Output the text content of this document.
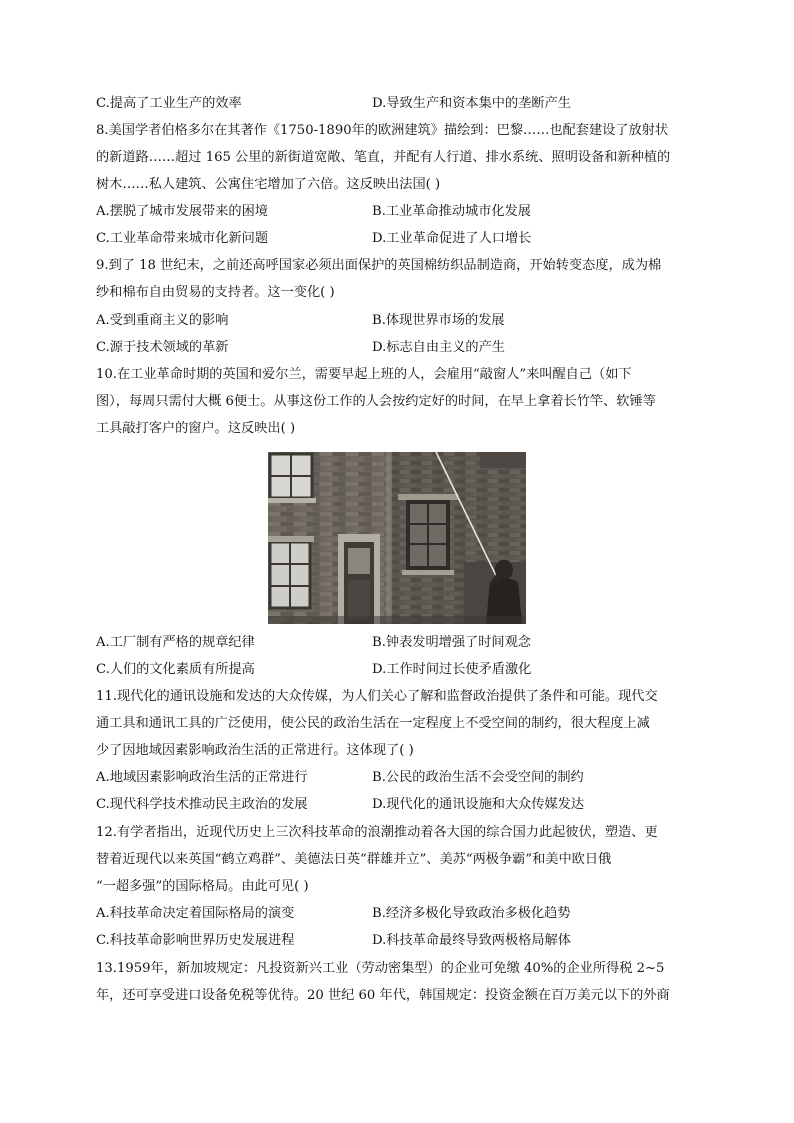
C.提高了工业生产的效率	D.导致生产和资本集中的垄断产生
8.美国学者伯格多尔在其著作《1750-1890年的欧洲建筑》描绘到：巴黎……也配套建设了放射状
的新道路……超过 165 公里的新街道宽敞、笔直，并配有人行道、排水系统、照明设备和新种植的
树木……私人建筑、公寓住宅增加了六倍。这反映出法国( )
A.摆脱了城市发展带来的困境	B.工业革命推动城市化发展
C.工业革命带来城市化新问题	D.工业革命促进了人口增长
9.到了 18 世纪末，之前还高呼国家必须出面保护的英国棉纺织品制造商，开始转变态度，成为棉
纱和棉布自由贸易的支持者。这一变化( )
A.受到重商主义的影响	B.体现世界市场的发展
C.源于技术领域的革新	D.标志自由主义的产生
10.在工业革命时期的英国和爱尔兰，需要早起上班的人，会雇用“敲窗人”来叫醒自己（如下
图），每周只需付大概 6便士。从事这份工作的人会按约定好的时间，在早上拿着长竹竿、软锤等
工具敲打客户的窗户。这反映出( )
A.工厂制有严格的规章纪律	B.钟表发明增强了时间观念
C.人们的文化素质有所提高	D.工作时间过长使矛盾激化
11.现代化的通讯设施和发达的大众传媒，为人们关心了解和监督政治提供了条件和可能。现代交
通工具和通讯工具的广泛使用，使公民的政治生活在一定程度上不受空间的制约，很大程度上减
少了因地域因素影响政治生活的正常进行。这体现了( )
A.地域因素影响政治生活的正常进行	B.公民的政治生活不会受空间的制约
C.现代科学技术推动民主政治的发展	D.现代化的通讯设施和大众传媒发达
12.有学者指出，近现代历史上三次科技革命的浪潮推动着各大国的综合国力此起彼伏，塑造、更
替着近现代以来英国“鹤立鸡群”、美德法日英“群雄并立”、美苏“两极争霸”和美中欧日俄
“一超多强”的国际格局。由此可见( )
A.科技革命决定着国际格局的演变	B.经济多极化导致政治多极化趋势
C.科技革命影响世界历史发展进程	D.科技革命最终导致两极格局解体
13.1959年，新加坡规定：凡投资新兴工业（劳动密集型）的企业可免缴 40%的企业所得税 2~5
年，还可享受进口设备免税等优待。20 世纪 60 年代，韩国规定：投资金额在百万美元以下的外商
